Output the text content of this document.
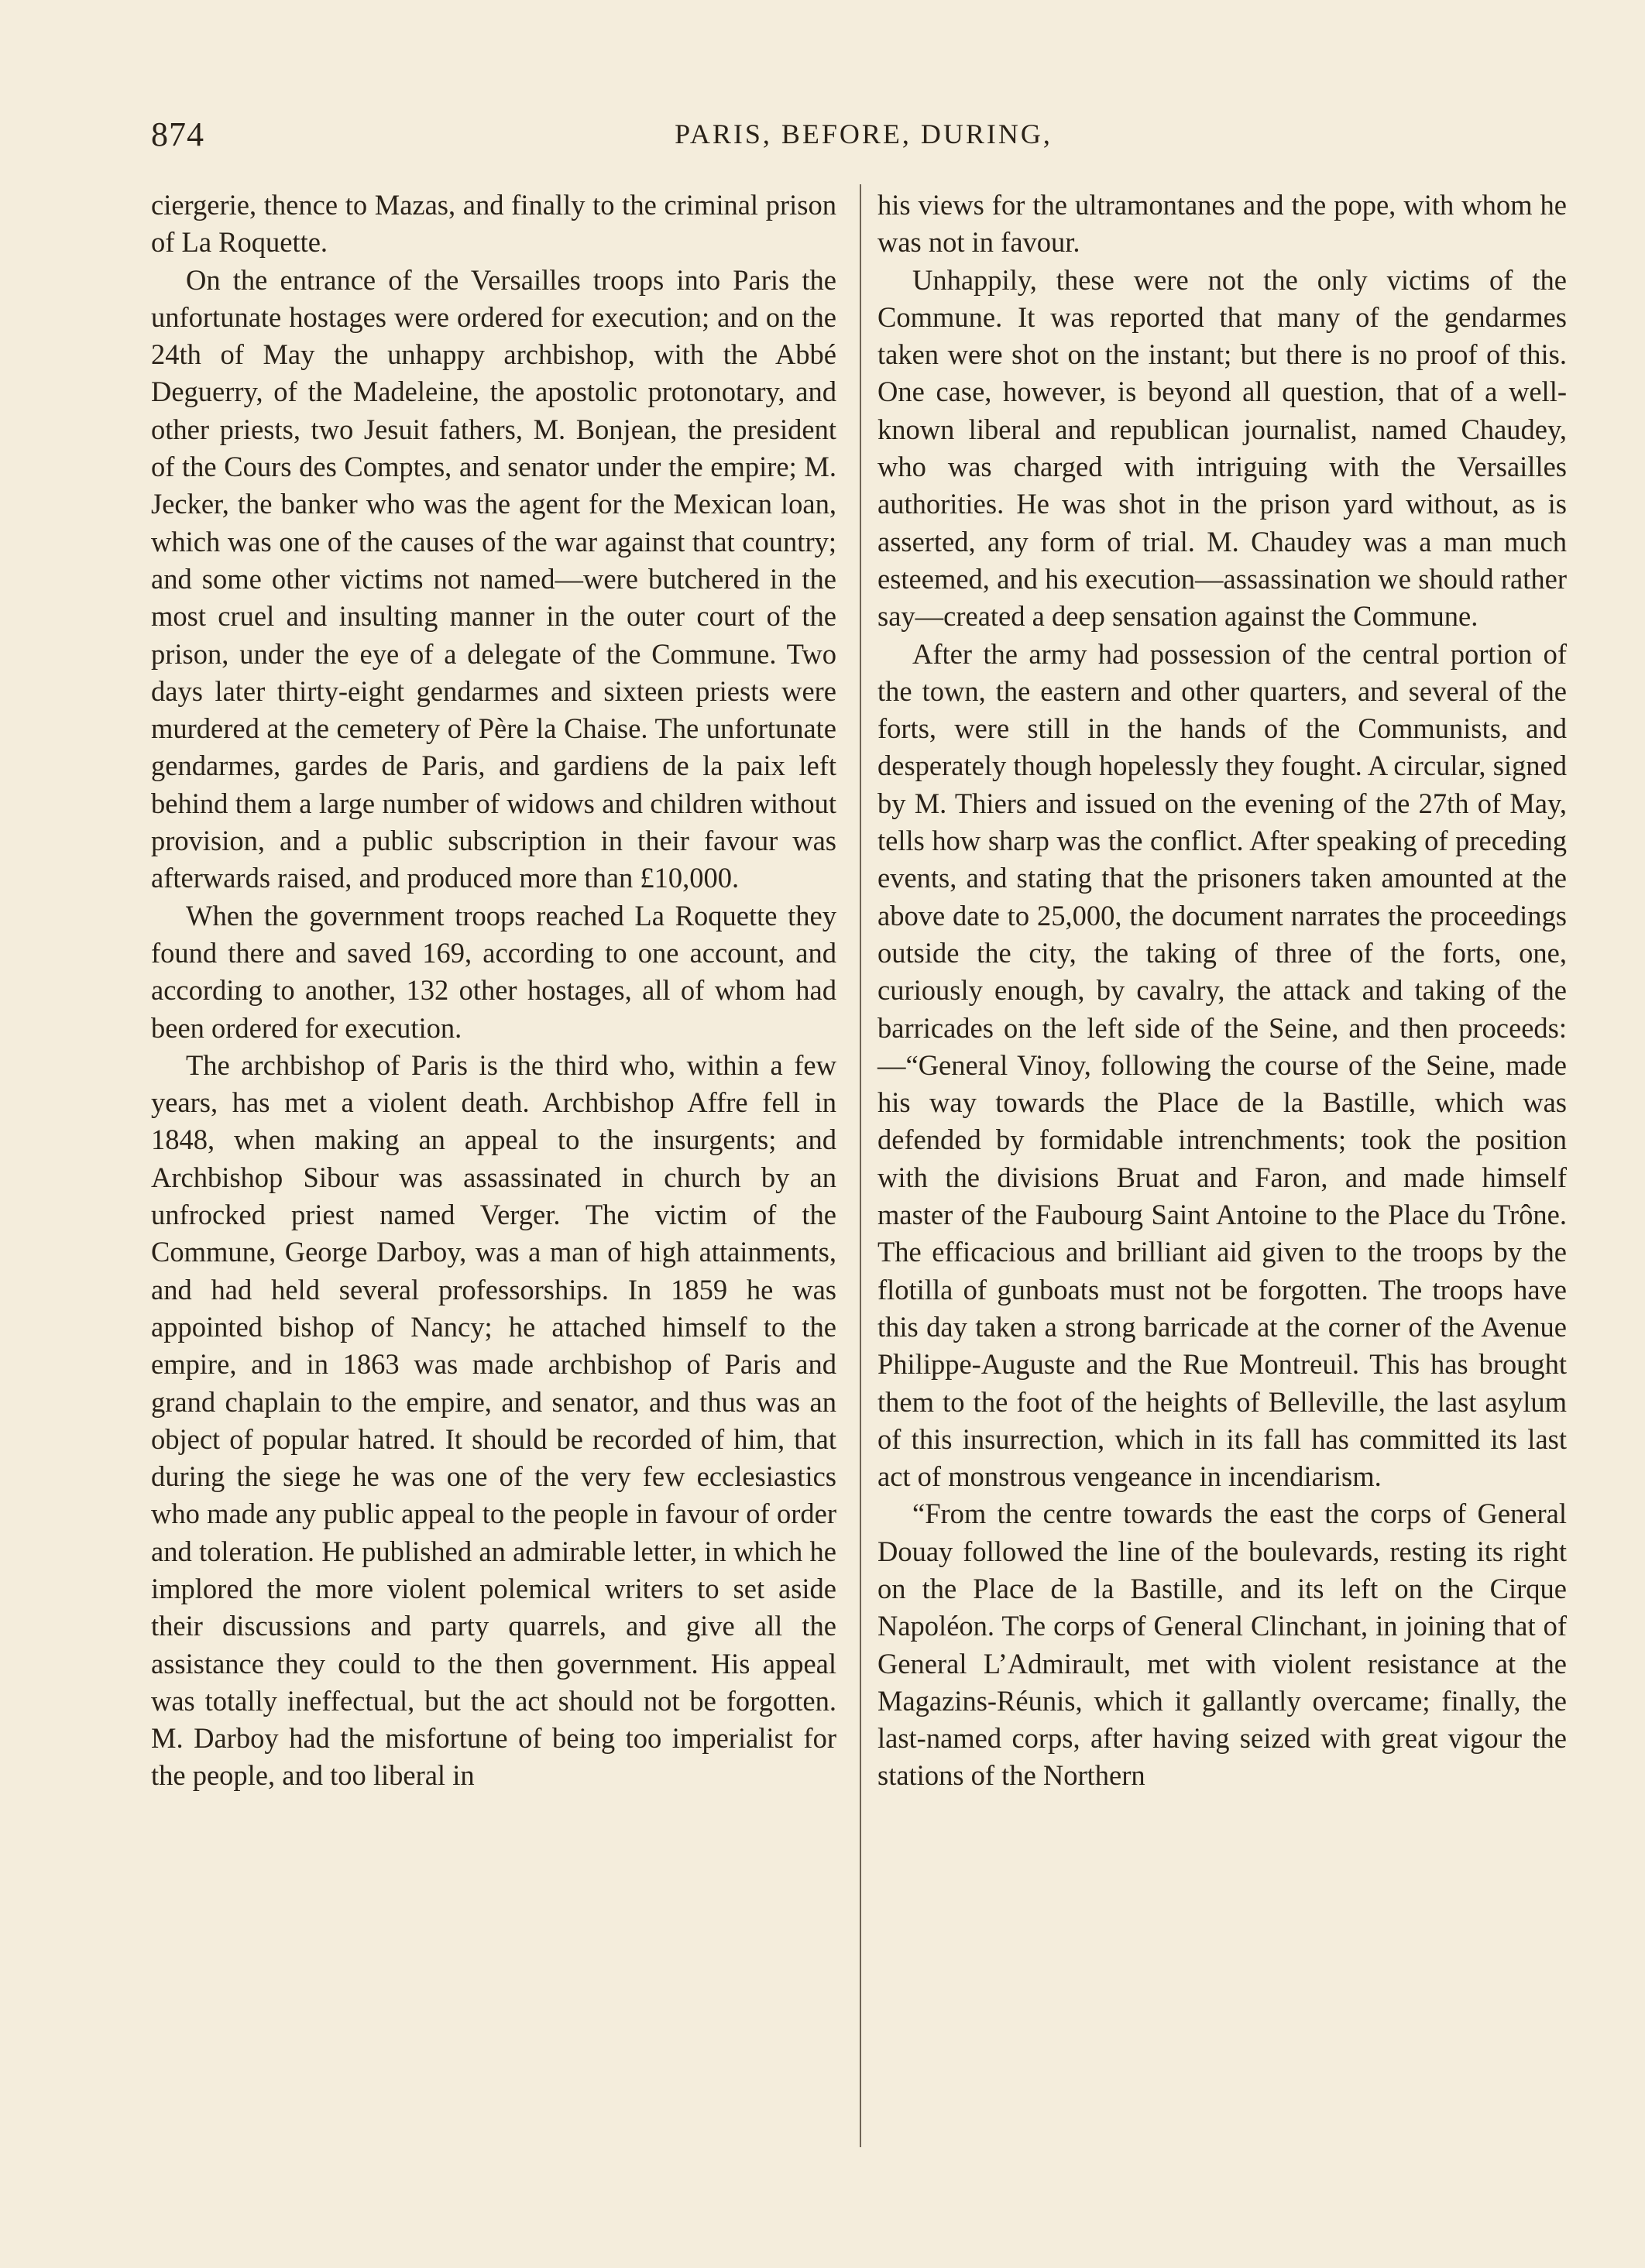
874	PARIS, BEFORE, DURING,

ciergerie, thence to Mazas, and finally to the criminal prison of La Roquette.

On the entrance of the Versailles troops into Paris the unfortunate hostages were ordered for execution; and on the 24th of May the unhappy archbishop, with the Abbé Deguerry, of the Madeleine, the apostolic protonotary, and other priests, two Jesuit fathers, M. Bonjean, the president of the Cours des Comptes, and senator under the empire; M. Jecker, the banker who was the agent for the Mexican loan, which was one of the causes of the war against that country; and some other victims not named—were butchered in the most cruel and insulting manner in the outer court of the prison, under the eye of a delegate of the Commune. Two days later thirty-eight gendarmes and sixteen priests were murdered at the cemetery of Père la Chaise. The unfortunate gendarmes, gardes de Paris, and gardiens de la paix left behind them a large number of widows and children without provision, and a public subscription in their favour was afterwards raised, and produced more than £10,000.

When the government troops reached La Roquette they found there and saved 169, according to one account, and according to another, 132 other hostages, all of whom had been ordered for execution.

The archbishop of Paris is the third who, within a few years, has met a violent death. Archbishop Affre fell in 1848, when making an appeal to the insurgents; and Archbishop Sibour was assassinated in church by an unfrocked priest named Verger. The victim of the Commune, George Darboy, was a man of high attainments, and had held several professorships. In 1859 he was appointed bishop of Nancy; he attached himself to the empire, and in 1863 was made archbishop of Paris and grand chaplain to the empire, and senator, and thus was an object of popular hatred. It should be recorded of him, that during the siege he was one of the very few ecclesiastics who made any public appeal to the people in favour of order and toleration. He published an admirable letter, in which he implored the more violent polemical writers to set aside their discussions and party quarrels, and give all the assistance they could to the then government. His appeal was totally ineffectual, but the act should not be forgotten. M. Darboy had the misfortune of being too imperialist for the people, and too liberal in

his views for the ultramontanes and the pope, with whom he was not in favour.

Unhappily, these were not the only victims of the Commune. It was reported that many of the gendarmes taken were shot on the instant; but there is no proof of this. One case, however, is beyond all question, that of a well-known liberal and republican journalist, named Chaudey, who was charged with intriguing with the Versailles authorities. He was shot in the prison yard without, as is asserted, any form of trial. M. Chaudey was a man much esteemed, and his execution—assassination we should rather say—created a deep sensation against the Commune.

After the army had possession of the central portion of the town, the eastern and other quarters, and several of the forts, were still in the hands of the Communists, and desperately though hopelessly they fought. A circular, signed by M. Thiers and issued on the evening of the 27th of May, tells how sharp was the conflict. After speaking of preceding events, and stating that the prisoners taken amounted at the above date to 25,000, the document narrates the proceedings outside the city, the taking of three of the forts, one, curiously enough, by cavalry, the attack and taking of the barricades on the left side of the Seine, and then proceeds:—“General Vinoy, following the course of the Seine, made his way towards the Place de la Bastille, which was defended by formidable intrenchments; took the position with the divisions Bruat and Faron, and made himself master of the Faubourg Saint Antoine to the Place du Trône. The efficacious and brilliant aid given to the troops by the flotilla of gunboats must not be forgotten. The troops have this day taken a strong barricade at the corner of the Avenue Philippe-Auguste and the Rue Montreuil. This has brought them to the foot of the heights of Belleville, the last asylum of this insurrection, which in its fall has committed its last act of monstrous vengeance in incendiarism.

“From the centre towards the east the corps of General Douay followed the line of the boulevards, resting its right on the Place de la Bastille, and its left on the Cirque Napoléon. The corps of General Clinchant, in joining that of General L’Admirault, met with violent resistance at the Magazins-Réunis, which it gallantly overcame; finally, the last-named corps, after having seized with great vigour the stations of the Northern
